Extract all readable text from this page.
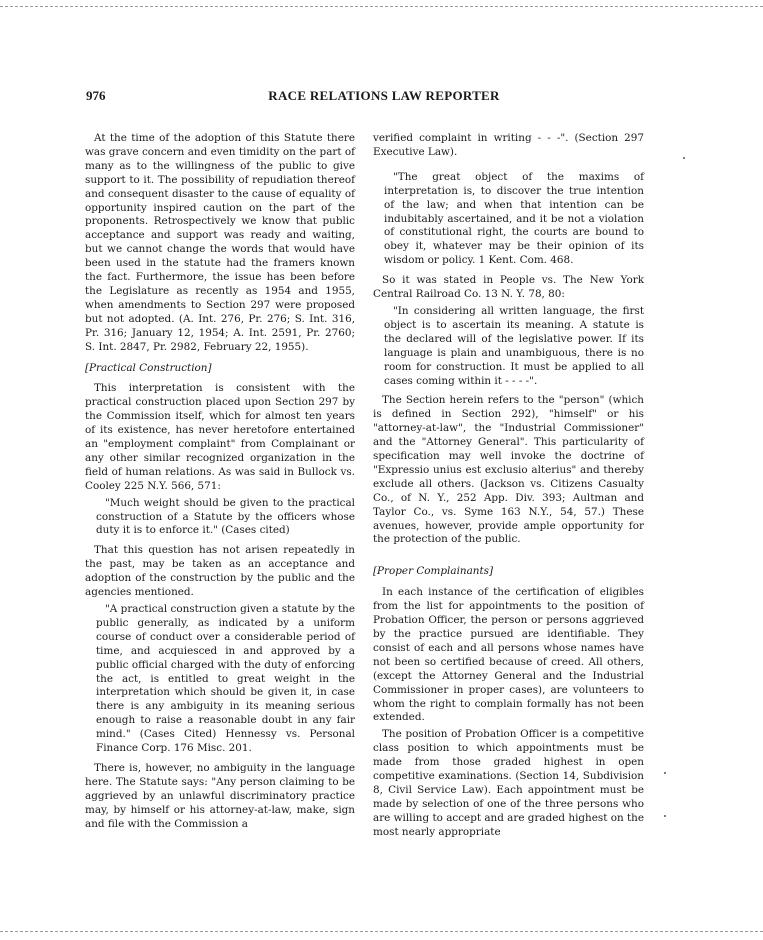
976	RACE RELATIONS LAW REPORTER

At the time of the adoption of this Statute there was grave concern and even timidity on the part of many as to the willingness of the public to give support to it. The possibility of repudiation thereof and consequent disaster to the cause of equality of opportunity inspired caution on the part of the proponents. Retrospectively we know that public acceptance and support was ready and waiting, but we cannot change the words that would have been used in the statute had the framers known the fact. Furthermore, the issue has been before the Legislature as recently as 1954 and 1955, when amendments to Section 297 were proposed but not adopted. (A. Int. 276, Pr. 276; S. Int. 316, Pr. 316; January 12, 1954; A. Int. 2591, Pr. 2760; S. Int. 2847, Pr. 2982, February 22, 1955).

[Practical Construction]

This interpretation is consistent with the practical construction placed upon Section 297 by the Commission itself, which for almost ten years of its existence, has never heretofore entertained an "employment complaint" from Complainant or any other similar recognized organization in the field of human relations. As was said in Bullock vs. Cooley 225 N.Y. 566, 571:

"Much weight should be given to the practical construction of a Statute by the officers whose duty it is to enforce it." (Cases cited)

That this question has not arisen repeatedly in the past, may be taken as an acceptance and adoption of the construction by the public and the agencies mentioned.

"A practical construction given a statute by the public generally, as indicated by a uniform course of conduct over a considerable period of time, and acquiesced in and approved by a public official charged with the duty of enforcing the act, is entitled to great weight in the interpretation which should be given it, in case there is any ambiguity in its meaning serious enough to raise a reasonable doubt in any fair mind." (Cases Cited) Hennessy vs. Personal Finance Corp. 176 Misc. 201.

There is, however, no ambiguity in the language here. The Statute says: "Any person claiming to be aggrieved by an unlawful discriminatory practice may, by himself or his attorney-at-law, make, sign and file with the Commission a

verified complaint in writing - - -". (Section 297 Executive Law).

"The great object of the maxims of interpretation is, to discover the true intention of the law; and when that intention can be indubitably ascertained, and it be not a violation of constitutional right, the courts are bound to obey it, whatever may be their opinion of its wisdom or policy. 1 Kent. Com. 468.

So it was stated in People vs. The New York Central Railroad Co. 13 N. Y. 78, 80:

"In considering all written language, the first object is to ascertain its meaning. A statute is the declared will of the legislative power. If its language is plain and unambiguous, there is no room for construction. It must be applied to all cases coming within it - - - -".

The Section herein refers to the "person" (which is defined in Section 292), "himself" or his "attorney-at-law", the "Industrial Commissioner" and the "Attorney General". This particularity of specification may well invoke the doctrine of "Expressio unius est exclusio alterius" and thereby exclude all others. (Jackson vs. Citizens Casualty Co., of N. Y., 252 App. Div. 393; Aultman and Taylor Co., vs. Syme 163 N.Y., 54, 57.) These avenues, however, provide ample opportunity for the protection of the public.

[Proper Complainants]

In each instance of the certification of eligibles from the list for appointments to the position of Probation Officer, the person or persons aggrieved by the practice pursued are identifiable. They consist of each and all persons whose names have not been so certified because of creed. All others, (except the Attorney General and the Industrial Commissioner in proper cases), are volunteers to whom the right to complain formally has not been extended.

The position of Probation Officer is a competitive class position to which appointments must be made from those graded highest in open competitive examinations. (Section 14, Subdivision 8, Civil Service Law). Each appointment must be made by selection of one of the three persons who are willing to accept and are graded highest on the most nearly appropriate
